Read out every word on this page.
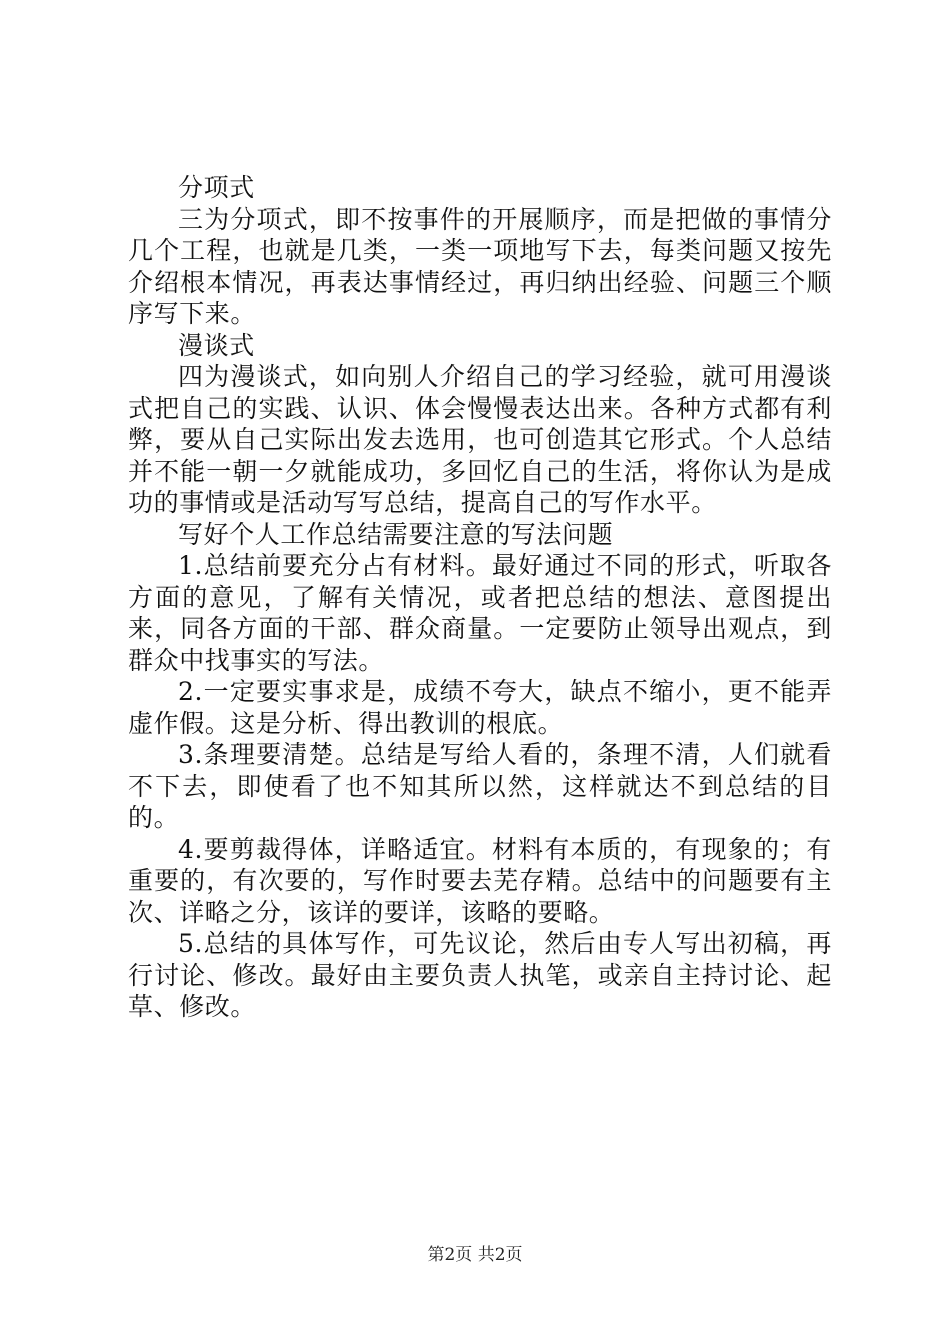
分项式

三为分项式，即不按事件的开展顺序，而是把做的事情分几个工程，也就是几类，一类一项地写下去，每类问题又按先介绍根本情况，再表达事情经过，再归纳出经验、问题三个顺序写下来。

漫谈式

四为漫谈式，如向别人介绍自己的学习经验，就可用漫谈式把自己的实践、认识、体会慢慢表达出来。各种方式都有利弊，要从自己实际出发去选用，也可创造其它形式。个人总结并不能一朝一夕就能成功，多回忆自己的生活，将你认为是成功的事情或是活动写写总结，提高自己的写作水平。

写好个人工作总结需要注意的写法问题

1.总结前要充分占有材料。最好通过不同的形式，听取各方面的意见，了解有关情况，或者把总结的想法、意图提出来，同各方面的干部、群众商量。一定要防止领导出观点，到群众中找事实的写法。

2.一定要实事求是，成绩不夸大，缺点不缩小，更不能弄虚作假。这是分析、得出教训的根底。

3.条理要清楚。总结是写给人看的，条理不清，人们就看不下去，即使看了也不知其所以然，这样就达不到总结的目的。

4.要剪裁得体，详略适宜。材料有本质的，有现象的；有重要的，有次要的，写作时要去芜存精。总结中的问题要有主次、详略之分，该详的要详，该略的要略。

5.总结的具体写作，可先议论，然后由专人写出初稿，再行讨论、修改。最好由主要负责人执笔，或亲自主持讨论、起草、修改。

第2页 共2页
